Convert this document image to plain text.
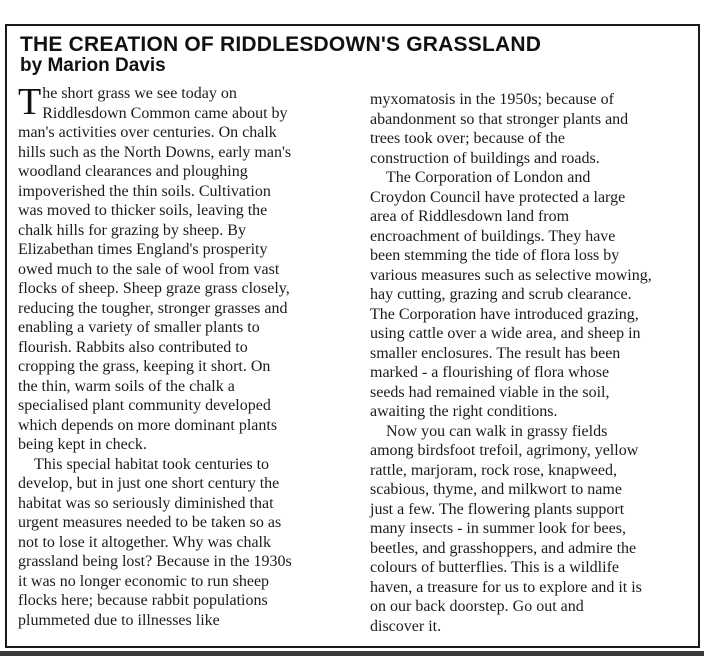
THE CREATION OF RIDDLESDOWN'S GRASSLAND
by Marion Davis

T he short grass we see today on
Riddlesdown Common came about by
man's activities over centuries. On chalk
hills such as the North Downs, early man's
woodland clearances and ploughing
impoverished the thin soils. Cultivation
was moved to thicker soils, leaving the
chalk hills for grazing by sheep. By
Elizabethan times England's prosperity
owed much to the sale of wool from vast
flocks of sheep. Sheep graze grass closely,
reducing the tougher, stronger grasses and
enabling a variety of smaller plants to
flourish. Rabbits also contributed to
cropping the grass, keeping it short. On
the thin, warm soils of the chalk a
specialised plant community developed
which depends on more dominant plants
being kept in check.

This special habitat took centuries to
develop, but in just one short century the
habitat was so seriously diminished that
urgent measures needed to be taken so as
not to lose it altogether. Why was chalk
grassland being lost? Because in the 1930s
it was no longer economic to run sheep
flocks here; because rabbit populations
plummeted due to illnesses like

myxomatosis in the 1950s; because of
abandonment so that stronger plants and
trees took over; because of the
construction of buildings and roads.

The Corporation of London and
Croydon Council have protected a large
area of Riddlesdown land from
encroachment of buildings. They have
been stemming the tide of flora loss by
various measures such as selective mowing,
hay cutting, grazing and scrub clearance.
The Corporation have introduced grazing,
using cattle over a wide area, and sheep in
smaller enclosures. The result has been
marked - a flourishing of flora whose
seeds had remained viable in the soil,
awaiting the right conditions.

Now you can walk in grassy fields
among birdsfoot trefoil, agrimony, yellow
rattle, marjoram, rock rose, knapweed,
scabious, thyme, and milkwort to name
just a few. The flowering plants support
many insects - in summer look for bees,
beetles, and grasshoppers, and admire the
colours of butterflies. This is a wildlife
haven, a treasure for us to explore and it is
on our back doorstep. Go out and
discover it.
